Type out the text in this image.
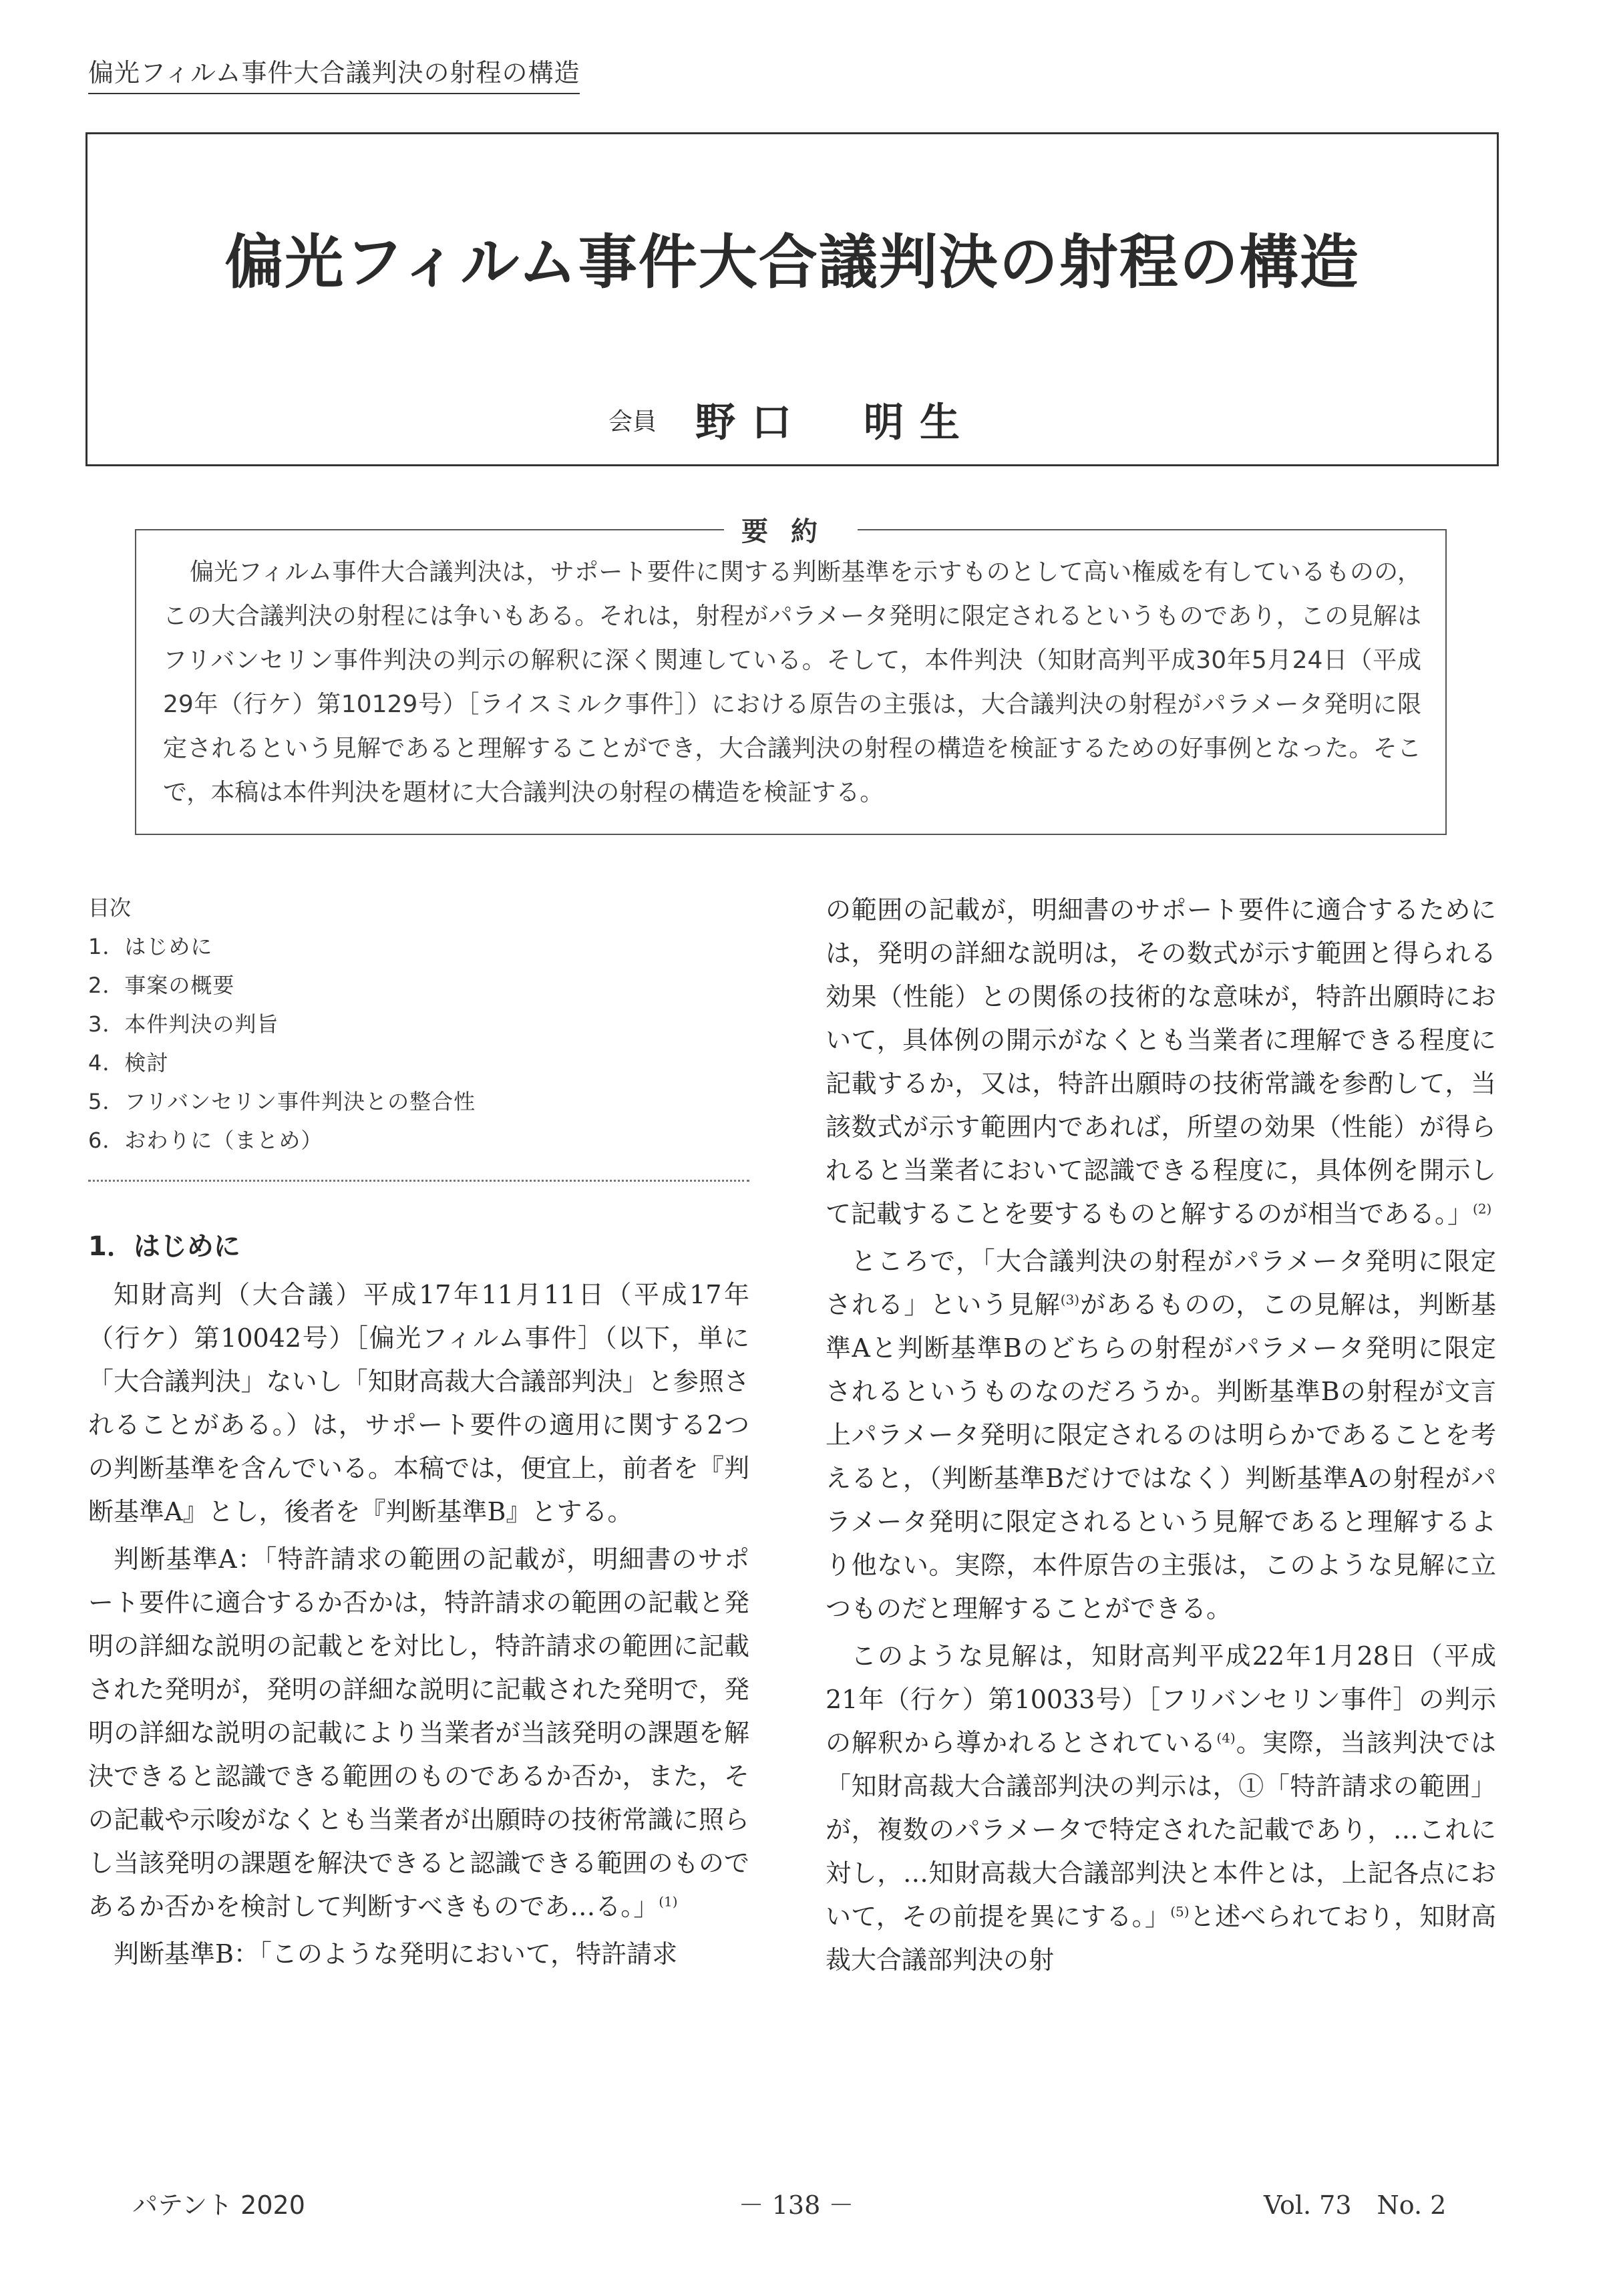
偏光フィルム事件大合議判決の射程の構造
偏光フィルム事件大合議判決の射程の構造
会員 野口　明生
要約
偏光フィルム事件大合議判決は，サポート要件に関する判断基準を示すものとして高い権威を有しているものの，この大合議判決の射程には争いもある。それは，射程がパラメータ発明に限定されるというものであり，この見解はフリバンセリン事件判決の判示の解釈に深く関連している。そして，本件判決（知財高判平成30年5月24日（平成29年（行ケ）第10129号）［ライスミルク事件］）における原告の主張は，大合議判決の射程がパラメータ発明に限定されるという見解であると理解することができ，大合議判決の射程の構造を検証するための好事例となった。そこで，本稿は本件判決を題材に大合議判決の射程の構造を検証する。
目次
1．はじめに
2．事案の概要
3．本件判決の判旨
4．検討
5．フリバンセリン事件判決との整合性
6．おわりに（まとめ）
1．はじめに

知財高判（大合議）平成17年11月11日（平成17年（行ケ）第10042号）［偏光フィルム事件］（以下，単に「大合議判決」ないし「知財高裁大合議部判決」と参照されることがある。）は，サポート要件の適用に関する2つの判断基準を含んでいる。本稿では，便宜上，前者を『判断基準A』とし，後者を『判断基準B』とする。

判断基準A：「特許請求の範囲の記載が，明細書のサポート要件に適合するか否かは，特許請求の範囲の記載と発明の詳細な説明の記載とを対比し，特許請求の範囲に記載された発明が，発明の詳細な説明に記載された発明で，発明の詳細な説明の記載により当業者が当該発明の課題を解決できると認識できる範囲のものであるか否か，また，その記載や示唆がなくとも当業者が出願時の技術常識に照らし当該発明の課題を解決できると認識できる範囲のものであるか否かを検討して判断すべきものであ…る。」$^{(1)}$

判断基準B：「このような発明において，特許請求

の範囲の記載が，明細書のサポート要件に適合するためには，発明の詳細な説明は，その数式が示す範囲と得られる効果（性能）との関係の技術的な意味が，特許出願時において，具体例の開示がなくとも当業者に理解できる程度に記載するか，又は，特許出願時の技術常識を参酌して，当該数式が示す範囲内であれば，所望の効果（性能）が得られると当業者において認識できる程度に，具体例を開示して記載することを要するものと解するのが相当である。」$^{(2)}$

ところで，「大合議判決の射程がパラメータ発明に限定される」という見解$^{(3)}$があるものの，この見解は，判断基準Aと判断基準Bのどちらの射程がパラメータ発明に限定されるというものなのだろうか。判断基準Bの射程が文言上パラメータ発明に限定されるのは明らかであることを考えると，（判断基準Bだけではなく）判断基準Aの射程がパラメータ発明に限定されるという見解であると理解するより他ない。実際，本件原告の主張は，このような見解に立つものだと理解することができる。

このような見解は，知財高判平成22年1月28日（平成21年（行ケ）第10033号）［フリバンセリン事件］の判示の解釈から導かれるとされている$^{(4)}$。実際，当該判決では「知財高裁大合議部判決の判示は，①「特許請求の範囲」が，複数のパラメータで特定された記載であり，…これに対し，…知財高裁大合議部判決と本件とは，上記各点において，その前提を異にする。」$^{(5)}$と述べられており，知財高裁大合議部判決の射

パテント 2020	－ 138 －	Vol. 73　No. 2
